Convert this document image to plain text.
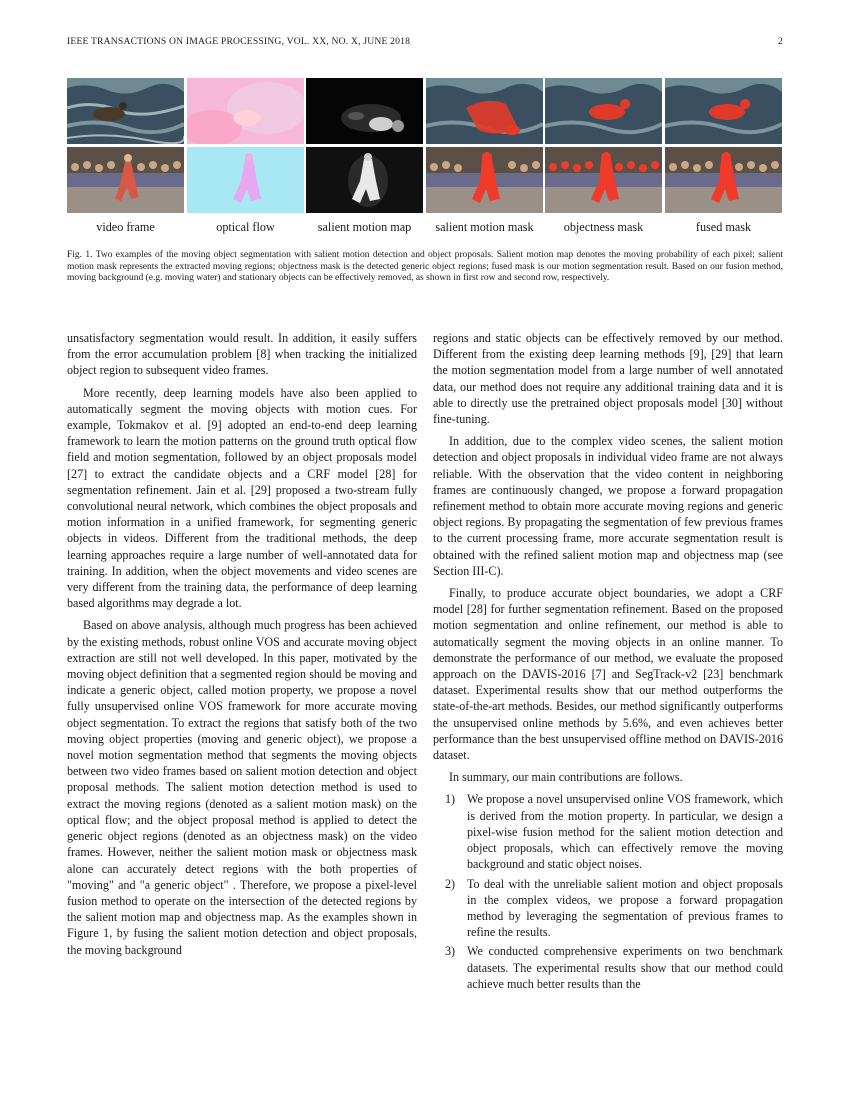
IEEE TRANSACTIONS ON IMAGE PROCESSING, VOL. XX, NO. X, JUNE 2018	2
video frame	optical flow	salient motion map	salient motion mask	objectness mask	fused mask
Fig. 1. Two examples of the moving object segmentation with salient motion detection and object proposals. Salient motion map denotes the moving probability of each pixel; salient motion mask represents the extracted moving regions; objectness mask is the detected generic object regions; fused mask is our motion segmentation result. Based on our fusion method, moving background (e.g. moving water) and stationary objects can be effectively removed, as shown in first row and second row, respectively.

unsatisfactory segmentation would result. In addition, it easily suffers from the error accumulation problem [8] when tracking the initialized object region to subsequent video frames.

More recently, deep learning models have also been applied to automatically segment the moving objects with motion cues. For example, Tokmakov et al. [9] adopted an end-to-end deep learning framework to learn the motion patterns on the ground truth optical flow field and motion segmentation, followed by an object proposals model [27] to extract the candidate objects and a CRF model [28] for segmentation refinement. Jain et al. [29] proposed a two-stream fully convolutional neural network, which combines the object proposals and motion information in a unified framework, for segmenting generic objects in videos. Different from the traditional methods, the deep learning approaches require a large number of well-annotated data for training. In addition, when the object movements and video scenes are very different from the training data, the performance of deep learning based algorithms may degrade a lot.

Based on above analysis, although much progress has been achieved by the existing methods, robust online VOS and accurate moving object extraction are still not well developed. In this paper, motivated by the moving object definition that a segmented region should be moving and indicate a generic object, called motion property, we propose a novel fully unsupervised online VOS framework for more accurate moving object segmentation. To extract the regions that satisfy both of the two moving object properties (moving and generic object), we propose a novel motion segmentation method that segments the moving objects between two video frames based on salient motion detection and object proposal methods. The salient motion detection method is used to extract the moving regions (denoted as a salient motion mask) on the optical flow; and the object proposal method is applied to detect the generic object regions (denoted as an objectness mask) on the video frames. However, neither the salient motion mask or objectness mask alone can accurately detect regions with the both properties of "moving" and "a generic object" . Therefore, we propose a pixel-level fusion method to operate on the intersection of the detected regions by the salient motion map and objectness map. As the examples shown in Figure 1, by fusing the salient motion detection and object proposals, the moving background

regions and static objects can be effectively removed by our method. Different from the existing deep learning methods [9], [29] that learn the motion segmentation model from a large number of well annotated data, our method does not require any additional training data and it is able to directly use the pretrained object proposals model [30] without fine-tuning.

In addition, due to the complex video scenes, the salient motion detection and object proposals in individual video frame are not always reliable. With the observation that the video content in neighboring frames are continuously changed, we propose a forward propagation refinement method to obtain more accurate moving regions and generic object regions. By propagating the segmentation of few previous frames to the current processing frame, more accurate segmentation result is obtained with the refined salient motion map and objectness map (see Section III-C).

Finally, to produce accurate object boundaries, we adopt a CRF model [28] for further segmentation refinement. Based on the proposed motion segmentation and online refinement, our method is able to automatically segment the moving objects in an online manner. To demonstrate the performance of our method, we evaluate the proposed approach on the DAVIS-2016 [7] and SegTrack-v2 [23] benchmark dataset. Experimental results show that our method outperforms the state-of-the-art methods. Besides, our method significantly outperforms the unsupervised online methods by 5.6%, and even achieves better performance than the best unsupervised offline method on DAVIS-2016 dataset.

In summary, our main contributions are follows.

1) We propose a novel unsupervised online VOS framework, which is derived from the motion property. In particular, we design a pixel-wise fusion method for the salient motion detection and object proposals, which can effectively remove the moving background and static object noises.
2) To deal with the unreliable salient motion and object proposals in the complex videos, we propose a forward propagation method by leveraging the segmentation of previous frames to refine the results.
3) We conducted comprehensive experiments on two benchmark datasets. The experimental results show that our method could achieve much better results than the
